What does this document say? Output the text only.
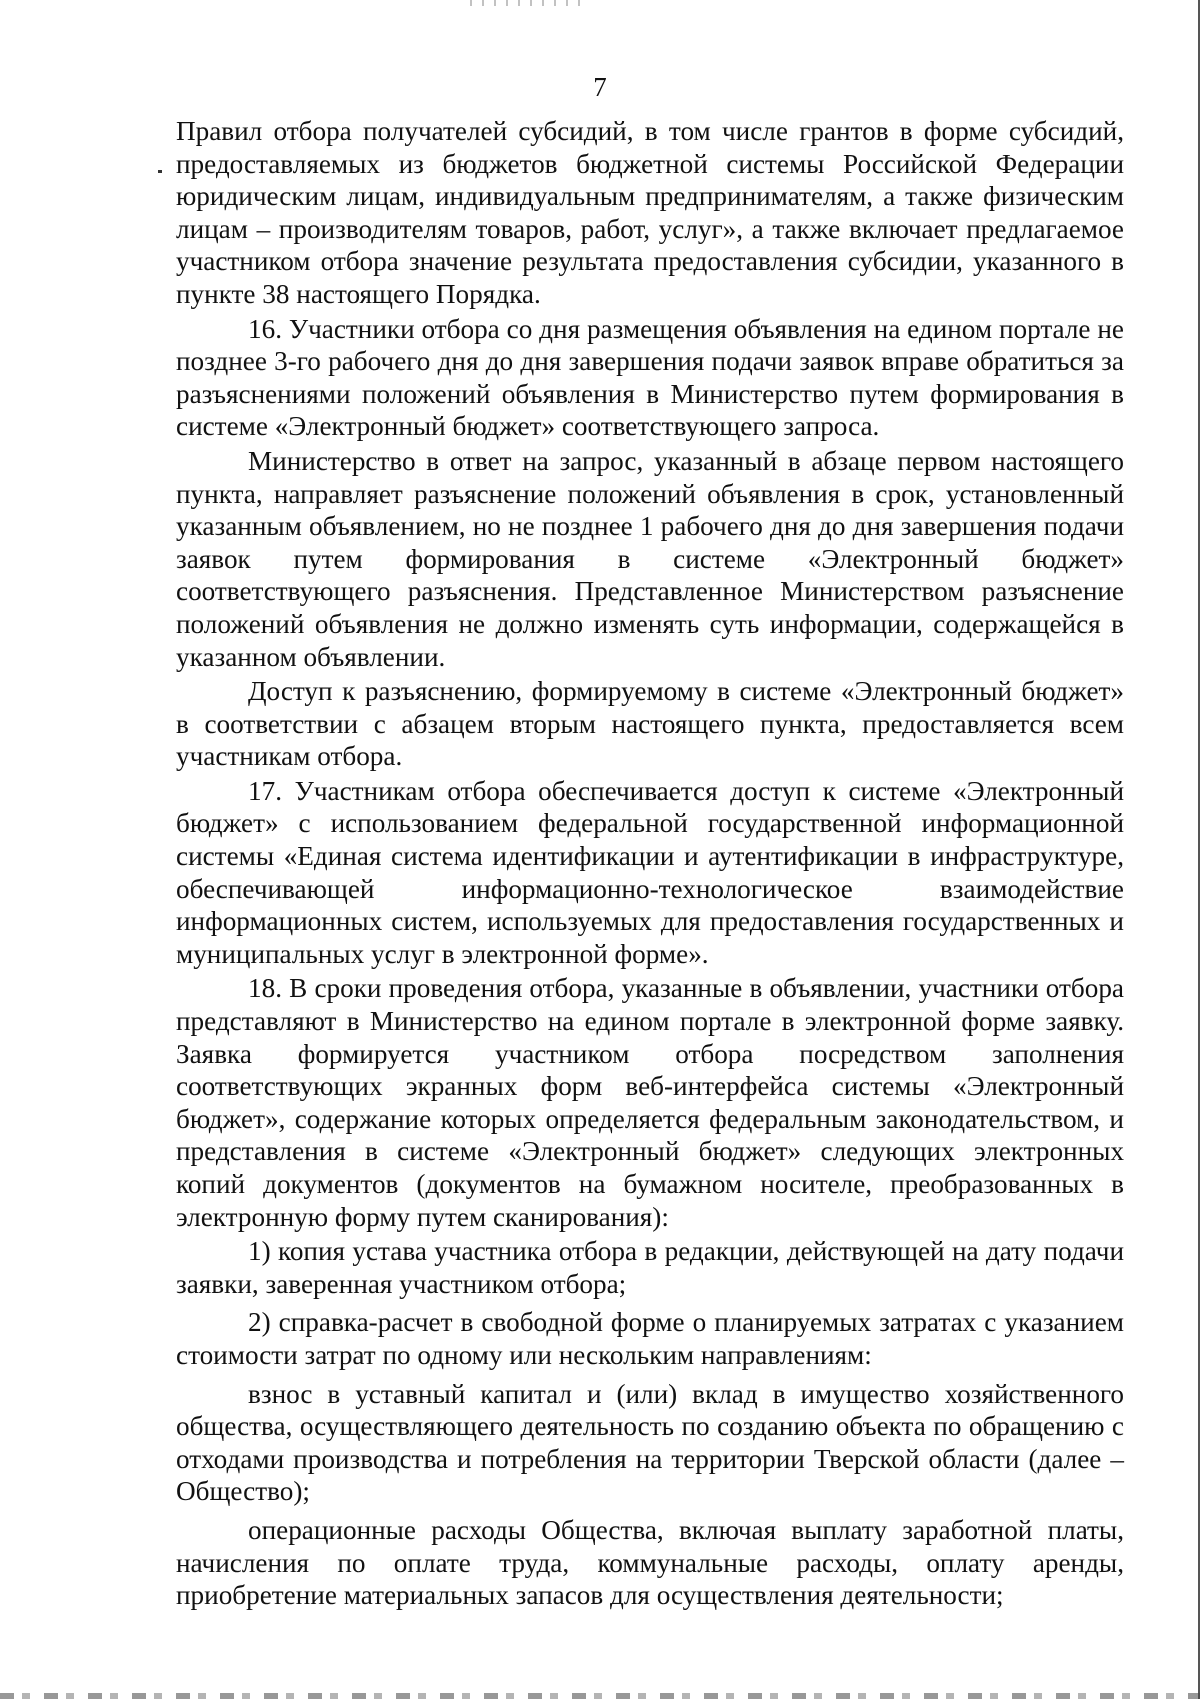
7

Правил отбора получателей субсидий, в том числе грантов в форме субсидий, предоставляемых из бюджетов бюджетной системы Российской Федерации юридическим лицам, индивидуальным предпринимателям, а также физическим лицам – производителям товаров, работ, услуг», а также включает предлагаемое участником отбора значение результата предоставления субсидии, указанного в пункте 38 настоящего Порядка.

16. Участники отбора со дня размещения объявления на едином портале не позднее 3-го рабочего дня до дня завершения подачи заявок вправе обратиться за разъяснениями положений объявления в Министерство путем формирования в системе «Электронный бюджет» соответствующего запроса.

Министерство в ответ на запрос, указанный в абзаце первом настоящего пункта, направляет разъяснение положений объявления в срок, установленный указанным объявлением, но не позднее 1 рабочего дня до дня завершения подачи заявок путем формирования в системе «Электронный бюджет» соответствующего разъяснения. Представленное Министерством разъяснение положений объявления не должно изменять суть информации, содержащейся в указанном объявлении.

Доступ к разъяснению, формируемому в системе «Электронный бюджет» в соответствии с абзацем вторым настоящего пункта, предоставляется всем участникам отбора.

17. Участникам отбора обеспечивается доступ к системе «Электронный бюджет» с использованием федеральной государственной информационной системы «Единая система идентификации и аутентификации в инфраструктуре, обеспечивающей информационно-технологическое взаимодействие информационных систем, используемых для предоставления государственных и муниципальных услуг в электронной форме».

18. В сроки проведения отбора, указанные в объявлении, участники отбора представляют в Министерство на едином портале в электронной форме заявку. Заявка формируется участником отбора посредством заполнения соответствующих экранных форм веб-интерфейса системы «Электронный бюджет», содержание которых определяется федеральным законодательством, и представления в системе «Электронный бюджет» следующих электронных копий документов (документов на бумажном носителе, преобразованных в электронную форму путем сканирования):

1) копия устава участника отбора в редакции, действующей на дату подачи заявки, заверенная участником отбора;

2) справка-расчет в свободной форме о планируемых затратах с указанием стоимости затрат по одному или нескольким направлениям:

взнос в уставный капитал и (или) вклад в имущество хозяйственного общества, осуществляющего деятельность по созданию объекта по обращению с отходами производства и потребления на территории Тверской области (далее – Общество);

операционные расходы Общества, включая выплату заработной платы, начисления по оплате труда, коммунальные расходы, оплату аренды, приобретение материальных запасов для осуществления деятельности;
